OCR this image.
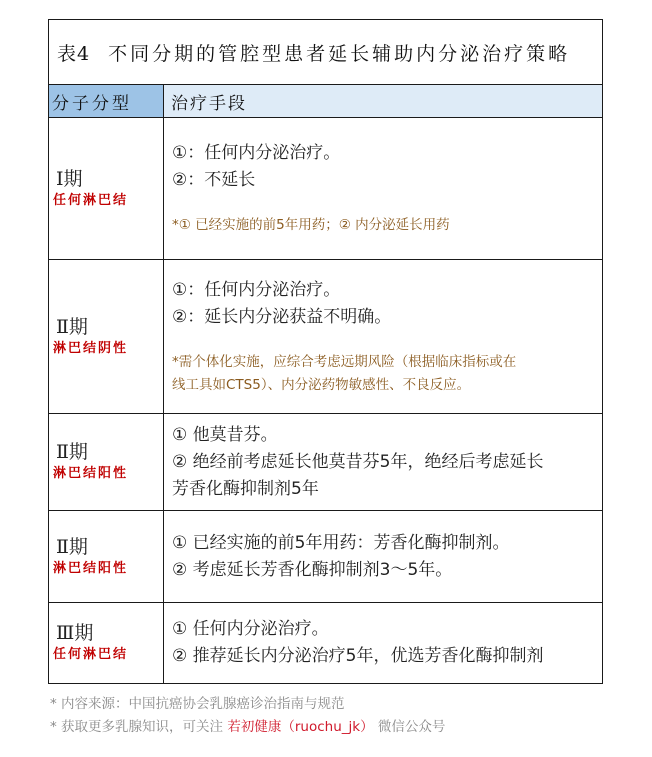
表4 不同分期的管腔型患者延长辅助内分泌治疗策略
分子分型	治疗手段
Ⅰ期
任何淋巴结
①：任何内分泌治疗。
②：不延长
*① 已经实施的前5年用药；② 内分泌延长用药
Ⅱ期
淋巴结阴性
①：任何内分泌治疗。
②：延长内分泌获益不明确。
*需个体化实施，应综合考虑远期风险（根据临床指标或在
线工具如CTS5）、内分泌药物敏感性、不良反应。
Ⅱ期
淋巴结阳性
① 他莫昔芬。
② 绝经前考虑延长他莫昔芬5年，绝经后考虑延长
芳香化酶抑制剂5年
Ⅱ期
淋巴结阳性
① 已经实施的前5年用药：芳香化酶抑制剂。
② 考虑延长芳香化酶抑制剂3～5年。
Ⅲ期
任何淋巴结
① 任何内分泌治疗。
② 推荐延长内分泌治疗5年，优选芳香化酶抑制剂
* 内容来源：中国抗癌协会乳腺癌诊治指南与规范
* 获取更多乳腺知识，可关注 若初健康（ruochu_jk） 微信公众号
